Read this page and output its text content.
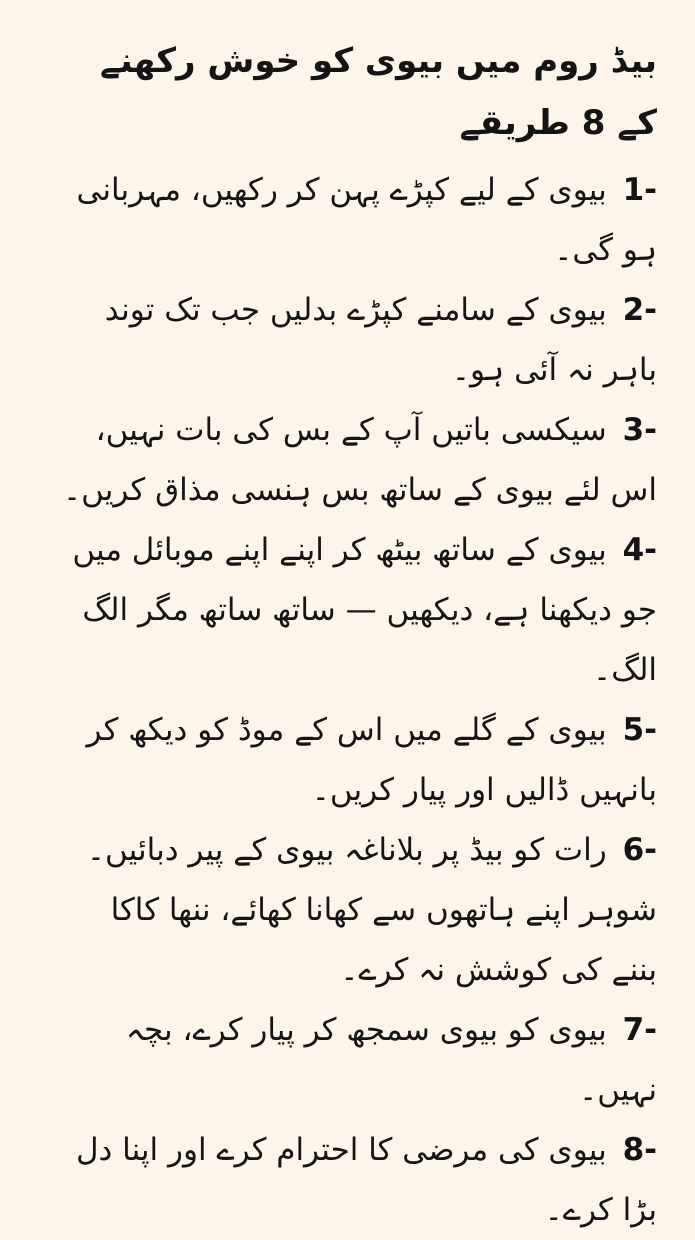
بیڈ روم میں بیوی کو خوش رکھنے کے 8 طریقے
1- بیوی کے لیے کپڑے پہن کر رکھیں، مہربانی ہو گی۔
2- بیوی کے سامنے کپڑے بدلیں جب تک توند باہر نہ آئی ہو۔
3- سیکسی باتیں آپ کے بس کی بات نہیں، اس لئے بیوی کے ساتھ بس ہنسی مذاق کریں۔
4- بیوی کے ساتھ بیٹھ کر اپنے اپنے موبائل میں جو دیکھنا ہے، دیکھیں — ساتھ ساتھ مگر الگ الگ۔
5- بیوی کے گلے میں اس کے موڈ کو دیکھ کر بانہیں ڈالیں اور پیار کریں۔
6- رات کو بیڈ پر بلاناغہ بیوی کے پیر دبائیں۔ شوہر اپنے ہاتھوں سے کھانا کھائے، ننھا کاکا بننے کی کوشش نہ کرے۔
7- بیوی کو بیوی سمجھ کر پیار کرے، بچہ نہیں۔
8- بیوی کی مرضی کا احترام کرے اور اپنا دل بڑا کرے۔
